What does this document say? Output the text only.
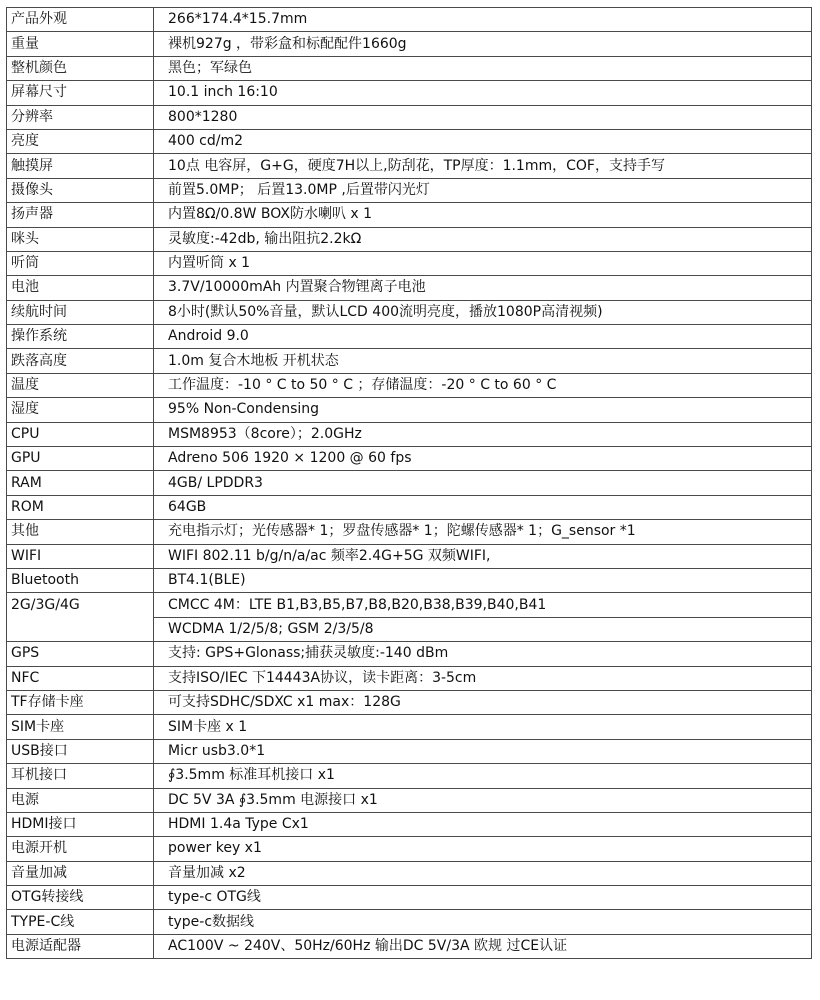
产品外观	266*174.4*15.7mm
重量	裸机927g ，带彩盒和标配配件1660g
整机颜色	黑色；军绿色
屏幕尺寸	10.1 inch 16:10
分辨率	800*1280
亮度	400 cd/m2
触摸屏	10点 电容屏，G+G，硬度7H以上,防刮花，TP厚度：1.1mm，COF，支持手写
摄像头	前置5.0MP； 后置13.0MP ,后置带闪光灯
扬声器	内置8Ω/0.8W BOX防水喇叭 x 1
咪头	灵敏度:-42db, 输出阻抗2.2kΩ
听筒	内置听筒 x 1
电池	3.7V/10000mAh 内置聚合物锂离子电池
续航时间	8小时(默认50%音量，默认LCD 400流明亮度，播放1080P高清视频)
操作系统	Android 9.0
跌落高度	1.0m 复合木地板 开机状态
温度	工作温度：-10 ° C to 50 ° C ；存储温度：-20 ° C to 60 ° C
湿度	95% Non-Condensing
CPU	MSM8953（8core）；2.0GHz
GPU	Adreno 506 1920 × 1200 @ 60 fps
RAM	4GB/ LPDDR3
ROM	64GB
其他	充电指示灯；光传感器* 1；罗盘传感器* 1；陀螺传感器* 1；G_sensor *1
WIFI	WIFI 802.11 b/g/n/a/ac 频率2.4G+5G 双频WIFI,
Bluetooth	BT4.1(BLE)
2G/3G/4G	CMCC 4M：LTE B1,B3,B5,B7,B8,B20,B38,B39,B40,B41
	WCDMA 1/2/5/8; GSM 2/3/5/8
GPS	支持: GPS+Glonass;捕获灵敏度:-140 dBm
NFC	支持ISO/IEC 下14443A协议，读卡距离：3-5cm
TF存储卡座	可支持SDHC/SDXC x1 max：128G
SIM卡座	SIM卡座 x 1
USB接口	Micr usb3.0*1
耳机接口	∮3.5mm 标准耳机接口 x1
电源	DC 5V 3A ∮3.5mm 电源接口 x1
HDMI接口	HDMI 1.4a Type Cx1
电源开机	power key x1
音量加减	音量加减 x2
OTG转接线	type-c OTG线
TYPE-C线	type-c数据线
电源适配器	AC100V ~ 240V、50Hz/60Hz 输出DC 5V/3A 欧规 过CE认证
